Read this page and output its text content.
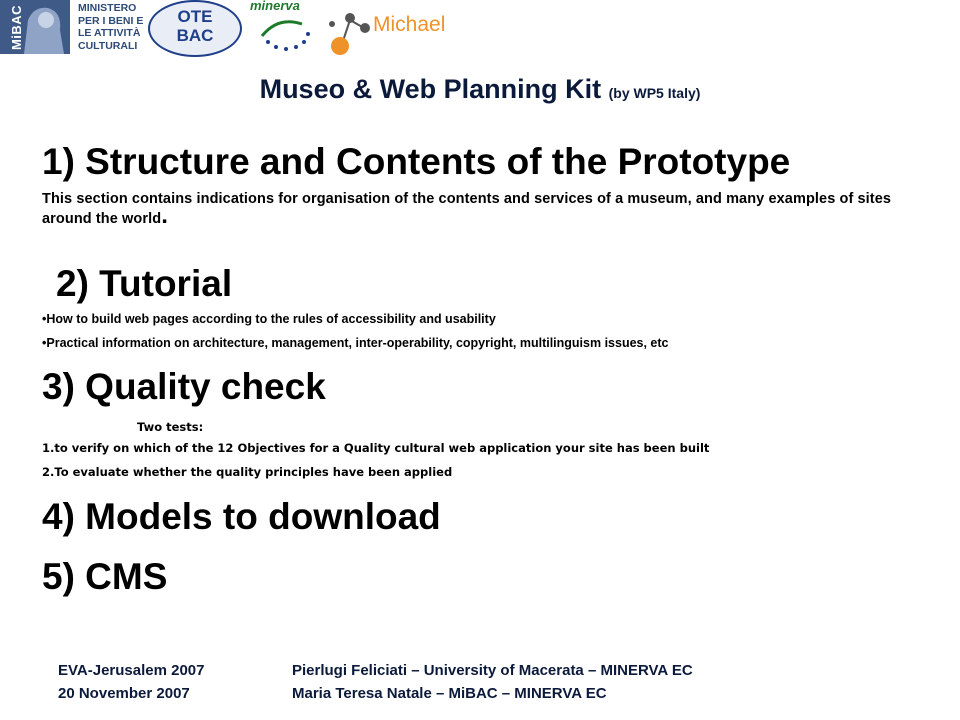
MiBAC	MINISTERO
PER I BENI E
LE ATTIVITÀ
CULTURALI
OTE
BAC
minerva
Michael
Museo & Web Planning Kit (by WP5 Italy)
1) Structure and Contents of the Prototype
This section contains indications for organisation of the contents and services of a museum, and many examples of sites around the world.
2) Tutorial
•How to build web pages according to the rules of accessibility and usability
•Practical information on architecture, management, inter-operability, copyright, multilinguism issues, etc
3) Quality check
Two tests:
1.to verify on which of the 12 Objectives for a Quality cultural web application your site has been built
2.To evaluate whether the quality principles have been applied
4) Models to download
5) CMS
EVA-Jerusalem 2007
20 November 2007
Pierlugi Feliciati – University of Macerata – MINERVA EC
Maria Teresa Natale – MiBAC – MINERVA EC
